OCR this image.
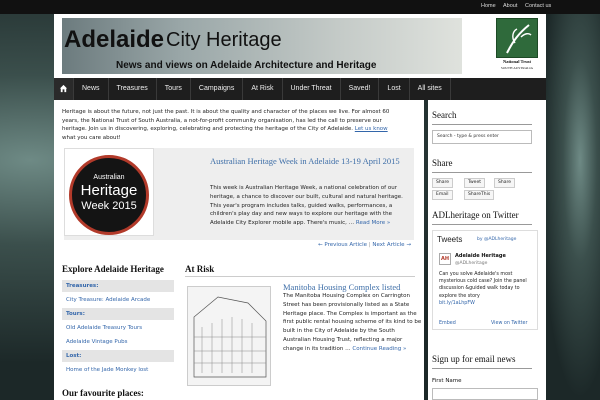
Home About Contact us
Adelaide City Heritage
News and views on Adelaide Architecture and Heritage	National Trust
SOUTH AUSTRALIA
News	Treasures	Tours	Campaigns	At Risk	Under Threat	Saved!	Lost	All sites
Heritage is about the future, not just the past. It is about the quality and character of the places we live. For almost 60 years, the National Trust of South Australia, a not-for-profit community organisation, has led the call to preserve our heritage. Join us in discovering, exploring, celebrating and protecting the heritage of the City of Adelaide. Let us know what you care about!
Australian
Heritage
Week 2015
Australian Heritage Week in Adelaide 13-19 April 2015
This week is Australian Heritage Week, a national celebration of our heritage, a chance to discover our built, cultural and natural heritage. This year's program includes talks, guided walks, performances, a children's play day and new ways to explore our heritage with the Adelaide City Explorer mobile app. There's music, … Read More »
← Previous Article | Next Article →
Explore Adelaide Heritage
Treasures:
City Treasure: Adelaide Arcade
Tours:
Old Adelaide Treasury Tours
Adelaide Vintage Pubs
Lost:
Home of the Jade Monkey lost
Our favourite places:
At Risk
Manitoba Housing Complex listed
The Manitoba Housing Complex on Carrington Street has been provisionally listed as a State Heritage place. The Complex is important as the first public rental housing scheme of its kind to be built in the City of Adelaide by the South Australian Housing Trust, reflecting a major change in its tradition … Continue Reading »
Search
Search - type & press enter
Share
Share	Tweet	Share
Email	ShareThis
ADLheritage on Twitter
Tweets	by @ADLheritage
AH	Adelaide Heritage
@ADLheritage
Can you solve Adelaide's most mysterious cold case? Join the panel discussion &guided walk today to explore the story
bit.ly/1aLhpFW
Embed	View on Twitter
Sign up for email news
First Name
